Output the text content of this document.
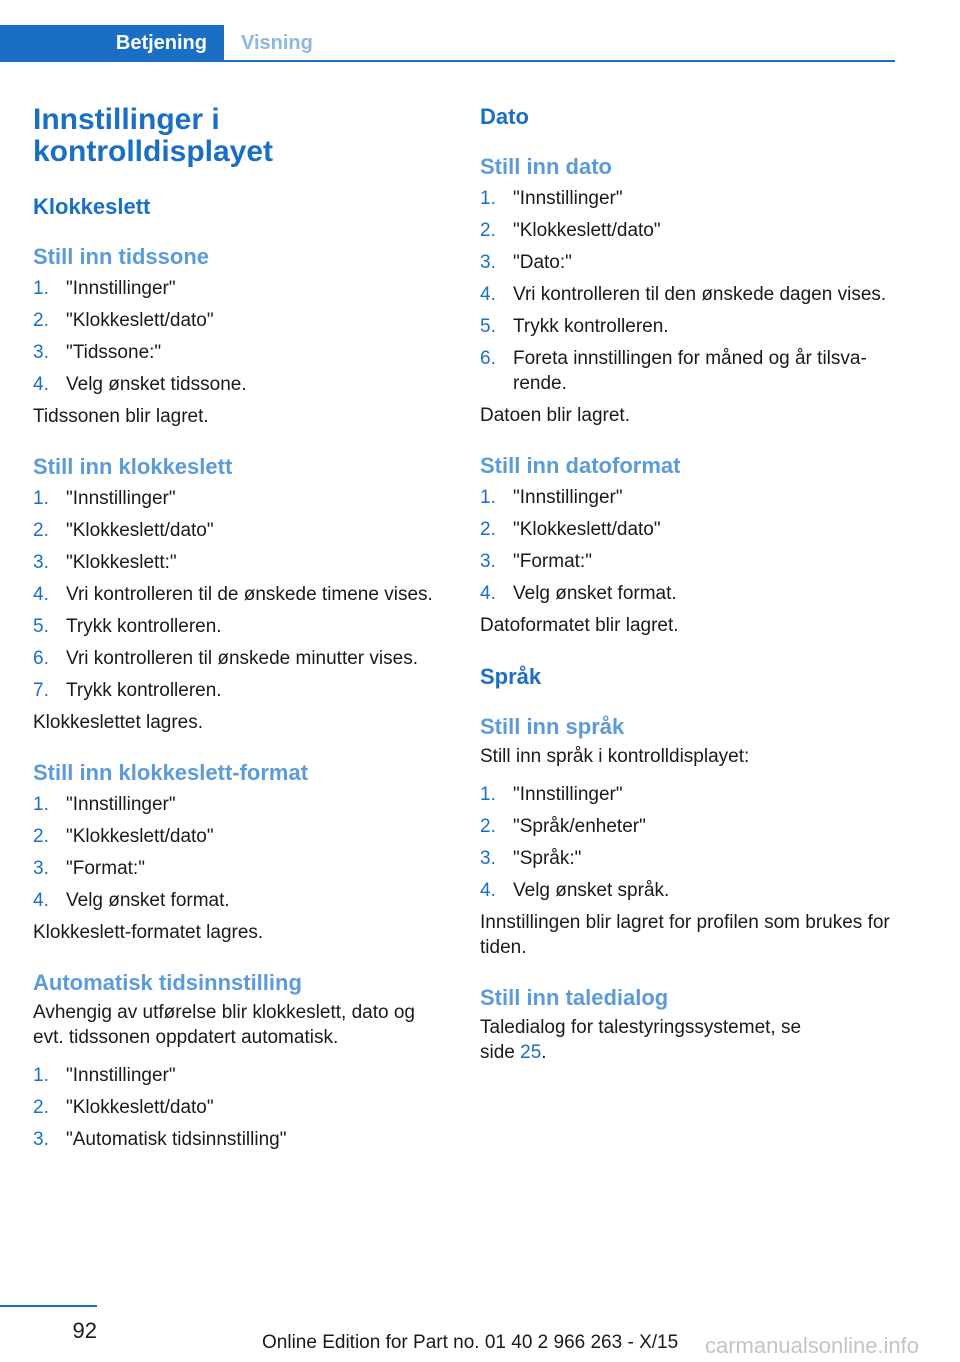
Betjening	Visning
Innstillinger i kontrolldisplayet
Klokkeslett
Still inn tidssone
1. "Innstillinger"
2. "Klokkeslett/dato"
3. "Tidssone:"
4. Velg ønsket tidssone.

Tidssonen blir lagret.

Still inn klokkeslett
1. "Innstillinger"
2. "Klokkeslett/dato"
3. "Klokkeslett:"
4. Vri kontrolleren til de ønskede timene vises.
5. Trykk kontrolleren.
6. Vri kontrolleren til ønskede minutter vises.
7. Trykk kontrolleren.

Klokkeslettet lagres.

Still inn klokkeslett-format
1. "Innstillinger"
2. "Klokkeslett/dato"
3. "Format:"
4. Velg ønsket format.

Klokkeslett-formatet lagres.

Automatisk tidsinnstilling

Avhengig av utførelse blir klokkeslett, dato og evt. tidssonen oppdatert automatisk.

1. "Innstillinger"
2. "Klokkeslett/dato"
3. "Automatisk tidsinnstilling"
Dato
Still inn dato
1. "Innstillinger"
2. "Klokkeslett/dato"
3. "Dato:"
4. Vri kontrolleren til den ønskede dagen vises.
5. Trykk kontrolleren.
6. Foreta innstillingen for måned og år tilsvarende.

Datoen blir lagret.

Still inn datoformat
1. "Innstillinger"
2. "Klokkeslett/dato"
3. "Format:"
4. Velg ønsket format.

Datoformatet blir lagret.

Språk
Still inn språk

Still inn språk i kontrolldisplayet:

1. "Innstillinger"
2. "Språk/enheter"
3. "Språk:"
4. Velg ønsket språk.

Innstillingen blir lagret for profilen som brukes for tiden.

Still inn taledialog

Taledialog for talestyringssystemet, se side 25.

92	Online Edition for Part no. 01 40 2 966 263 - X/15 carmanualsonline.info
